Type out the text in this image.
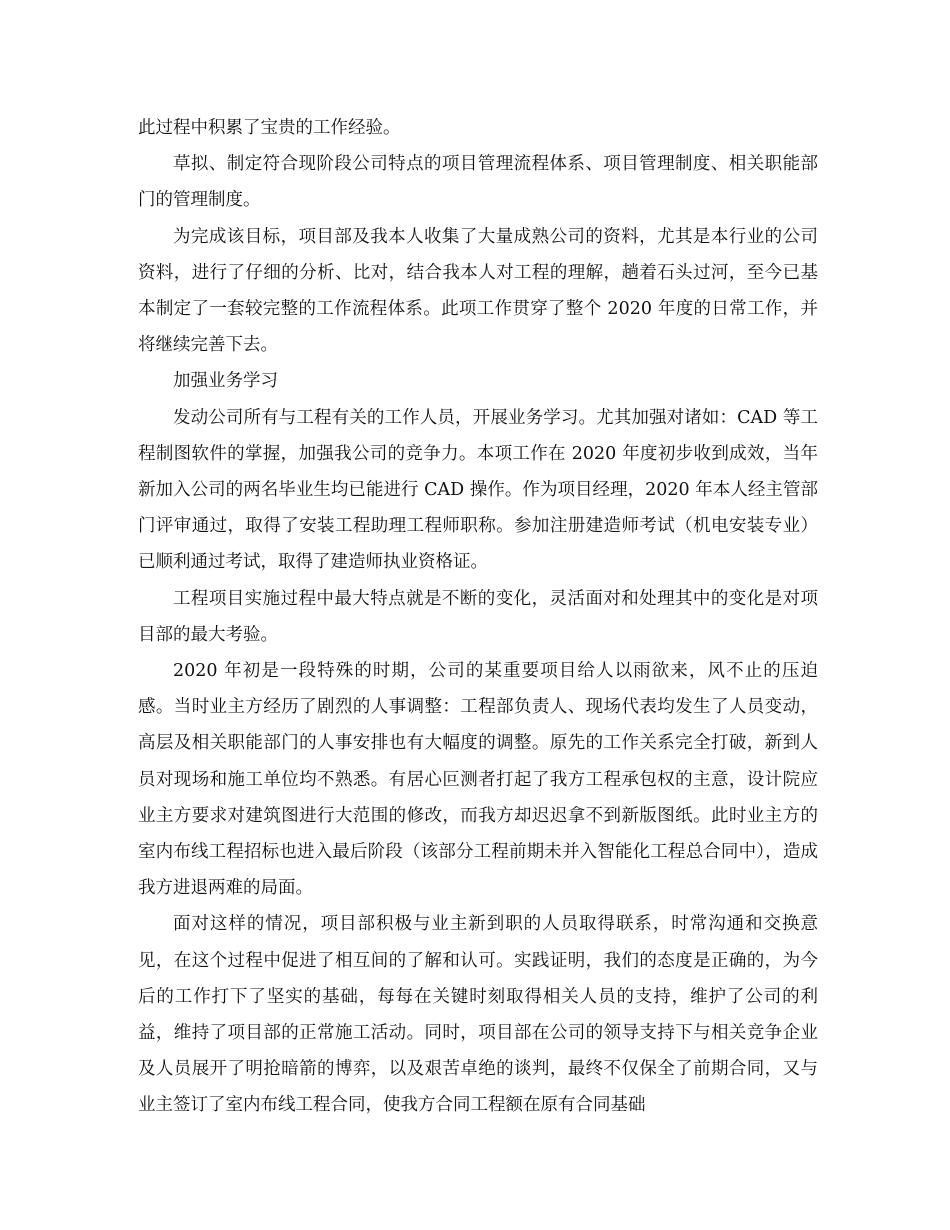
此过程中积累了宝贵的工作经验。

草拟、制定符合现阶段公司特点的项目管理流程体系、项目管理制度、相关职能部门的管理制度。

为完成该目标，项目部及我本人收集了大量成熟公司的资料，尤其是本行业的公司资料，进行了仔细的分析、比对，结合我本人对工程的理解，趟着石头过河，至今已基本制定了一套较完整的工作流程体系。此项工作贯穿了整个 2020 年度的日常工作，并将继续完善下去。

加强业务学习

发动公司所有与工程有关的工作人员，开展业务学习。尤其加强对诸如：CAD 等工程制图软件的掌握，加强我公司的竞争力。本项工作在 2020 年度初步收到成效，当年新加入公司的两名毕业生均已能进行 CAD 操作。作为项目经理，2020 年本人经主管部门评审通过，取得了安装工程助理工程师职称。参加注册建造师考试（机电安装专业）已顺利通过考试，取得了建造师执业资格证。

工程项目实施过程中最大特点就是不断的变化，灵活面对和处理其中的变化是对项目部的最大考验。

2020 年初是一段特殊的时期，公司的某重要项目给人以雨欲来，风不止的压迫感。当时业主方经历了剧烈的人事调整：工程部负责人、现场代表均发生了人员变动，高层及相关职能部门的人事安排也有大幅度的调整。原先的工作关系完全打破，新到人员对现场和施工单位均不熟悉。有居心叵测者打起了我方工程承包权的主意，设计院应业主方要求对建筑图进行大范围的修改，而我方却迟迟拿不到新版图纸。此时业主方的室内布线工程招标也进入最后阶段（该部分工程前期未并入智能化工程总合同中），造成我方进退两难的局面。

面对这样的情况，项目部积极与业主新到职的人员取得联系，时常沟通和交换意见，在这个过程中促进了相互间的了解和认可。实践证明，我们的态度是正确的，为今后的工作打下了坚实的基础，每每在关键时刻取得相关人员的支持，维护了公司的利益，维持了项目部的正常施工活动。同时，项目部在公司的领导支持下与相关竞争企业及人员展开了明抢暗箭的博弈，以及艰苦卓绝的谈判，最终不仅保全了前期合同，又与业主签订了室内布线工程合同，使我方合同工程额在原有合同基础
